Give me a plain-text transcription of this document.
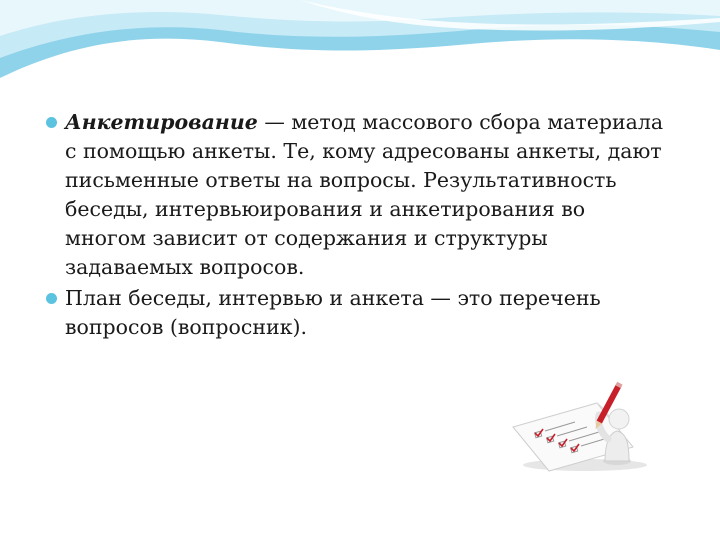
Анкетирование — метод массового сбора материала с помощью анкеты. Те, кому адресованы анкеты, дают письменные ответы на вопросы. Результативность беседы, интервьюирования и анкетирования во многом зависит от содержания и структуры задаваемых вопросов.
План беседы, интервью и анкета — это перечень вопросов (вопросник).
